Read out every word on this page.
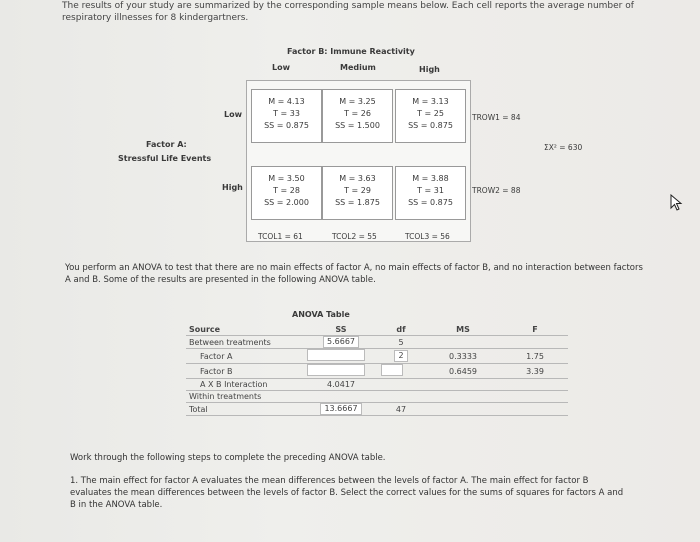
The results of your study are summarized by the corresponding sample means below. Each cell reports the average number of respiratory illnesses for 8 kindergartners.
Factor B: Immune Reactivity
Low	Medium	High
Factor A:
Stressful Life Events
Low
High
M = 4.13
T = 33
SS = 0.875
M = 3.25
T = 26
SS = 1.500
M = 3.13
T = 25
SS = 0.875
M = 3.50
T = 28
SS = 2.000
M = 3.63
T = 29
SS = 1.875
M = 3.88
T = 31
SS = 0.875
TROW1 = 84
TROW2 = 88
ΣX² = 630
TCOL1 = 61	TCOL2 = 55	TCOL3 = 56
You perform an ANOVA to test that there are no main effects of factor A, no main effects of factor B, and no interaction between factors A and B. Some of the results are presented in the following ANOVA table.
ANOVA Table
Source	SS	df	MS	F
Between treatments	5.6667	5		
Factor A		2	0.3333	1.75
Factor B			0.6459	3.39
A X B Interaction	4.0417			
Within treatments				
Total	13.6667	47		
Work through the following steps to complete the preceding ANOVA table.
1. The main effect for factor A evaluates the mean differences between the levels of factor A. The main effect for factor B evaluates the mean differences between the levels of factor B. Select the correct values for the sums of squares for factors A and B in the ANOVA table.
